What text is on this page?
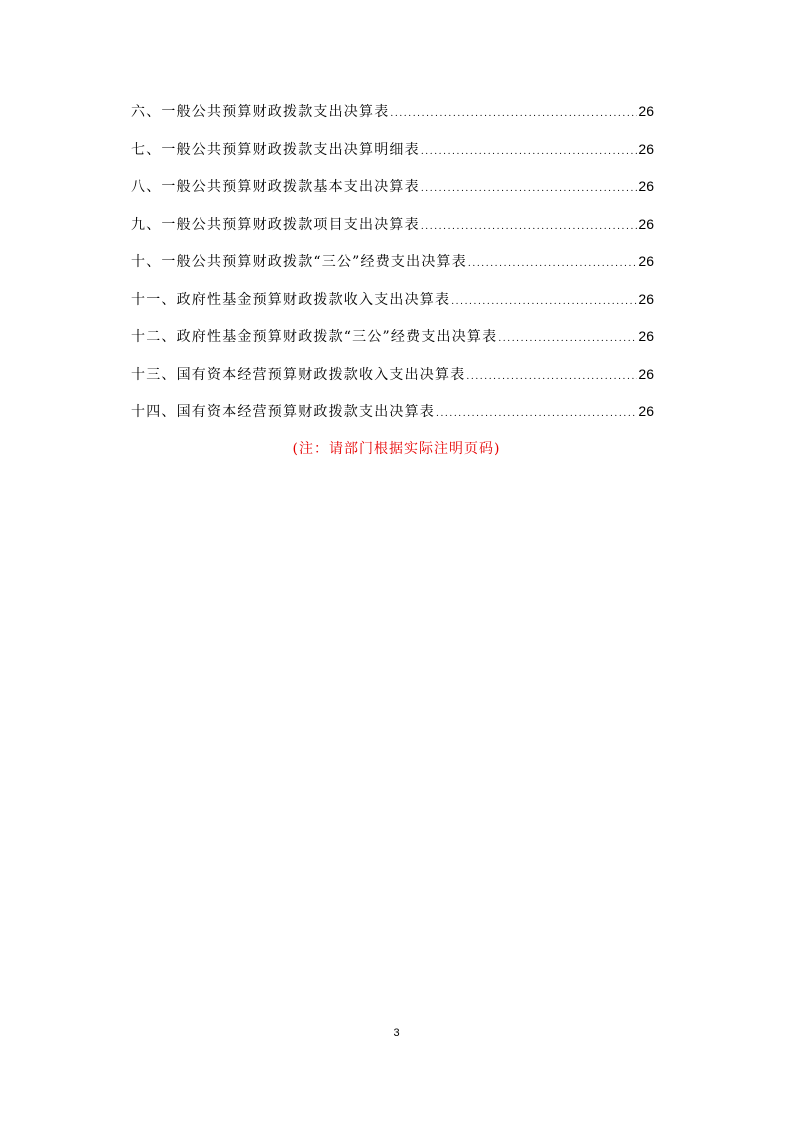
六、一般公共预算财政拨款支出决算表 .....	26
七、一般公共预算财政拨款支出决算明细表 .....	26
八、一般公共预算财政拨款基本支出决算表 .....	26
九、一般公共预算财政拨款项目支出决算表 .....	26
十、一般公共预算财政拨款“三公”经费支出决算表 .....	26
十一、政府性基金预算财政拨款收入支出决算表 .....	26
十二、政府性基金预算财政拨款“三公”经费支出决算表 .....	26
十三、国有资本经营预算财政拨款收入支出决算表 .....	26
十四、国有资本经营预算财政拨款支出决算表 .....	26
(注：请部门根据实际注明页码)
3
